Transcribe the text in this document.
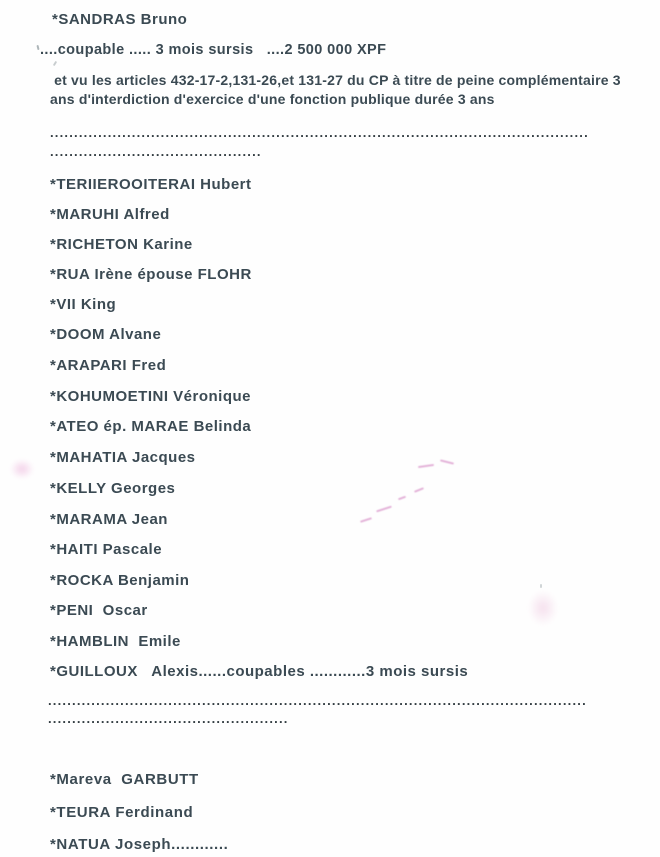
*SANDRAS Bruno
....coupable ..... 3 mois sursis   ....2 500 000 XPF
et vu les articles 432-17-2,131-26,et 131-27 du CP à titre de peine complémentaire 3
ans d'interdiction d'exercice d'une fonction publique durée 3 ans
................................................................................................................
............................................
*TERIIEROOITERAI Hubert
*MARUHI Alfred
*RICHETON Karine
*RUA Irène épouse FLOHR
*VII King
*DOOM Alvane
*ARAPARI Fred
*KOHUMOETINI Véronique
*ATEO ép. MARAE Belinda
*MAHATIA Jacques
*KELLY Georges
*MARAMA Jean
*HAITI Pascale
*ROCKA Benjamin
*PENI  Oscar
*HAMBLIN  Emile
*GUILLOUX   Alexis......coupables ............3 mois sursis
................................................................................................................
..................................................
*Mareva  GARBUTT
*TEURA Ferdinand
*NATUA Joseph............
